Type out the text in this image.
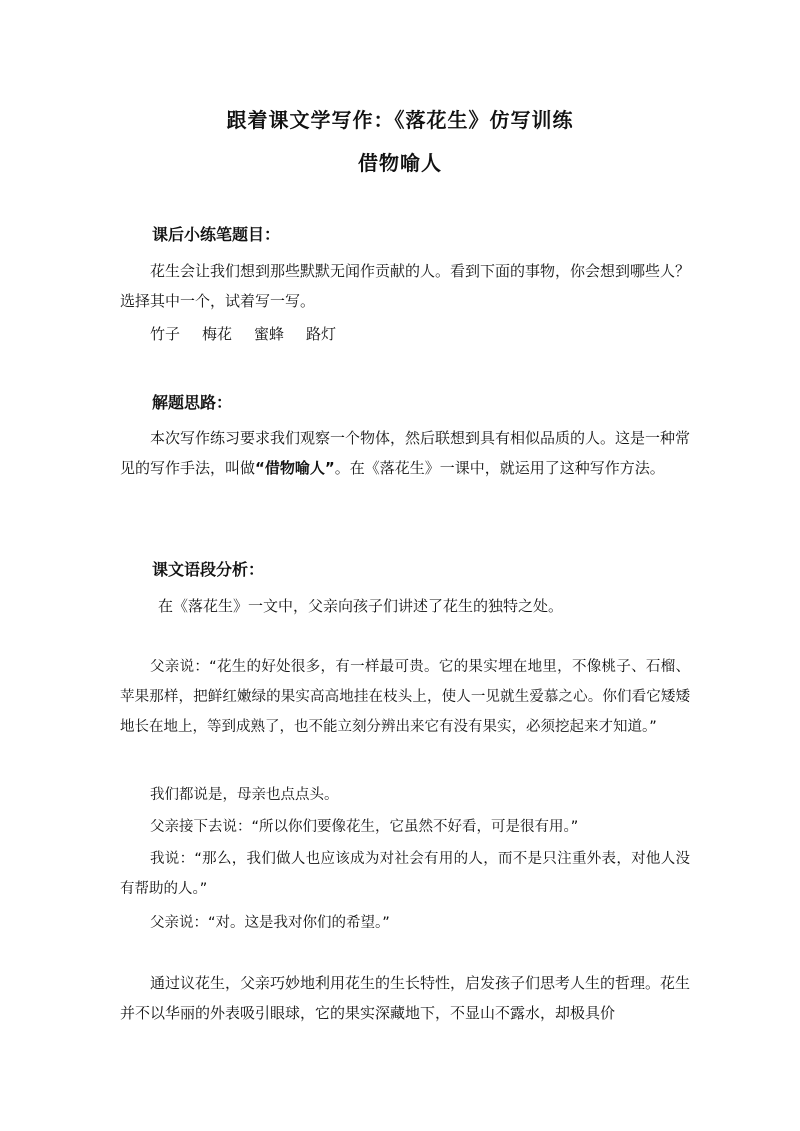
跟着课文学写作：《落花生》仿写训练
借物喻人
课后小练笔题目：

花生会让我们想到那些默默无闻作贡献的人。看到下面的事物，你会想到哪些人？选择其中一个，试着写一写。

竹子 梅花 蜜蜂 路灯
解题思路：

本次写作练习要求我们观察一个物体，然后联想到具有相似品质的人。这是一种常见的写作手法，叫做“借物喻人”。在《落花生》一课中，就运用了这种写作方法。

课文语段分析：

在《落花生》一文中，父亲向孩子们讲述了花生的独特之处。

父亲说：“花生的好处很多，有一样最可贵。它的果实埋在地里，不像桃子、石榴、苹果那样，把鲜红嫩绿的果实高高地挂在枝头上，使人一见就生爱慕之心。你们看它矮矮地长在地上，等到成熟了，也不能立刻分辨出来它有没有果实，必须挖起来才知道。”

我们都说是，母亲也点点头。

父亲接下去说：“所以你们要像花生，它虽然不好看，可是很有用。”

我说：“那么，我们做人也应该成为对社会有用的人，而不是只注重外表，对他人没有帮助的人。”

父亲说：“对。这是我对你们的希望。”

通过议花生，父亲巧妙地利用花生的生长特性，启发孩子们思考人生的哲理。花生并不以华丽的外表吸引眼球，它的果实深藏地下，不显山不露水，却极具价
